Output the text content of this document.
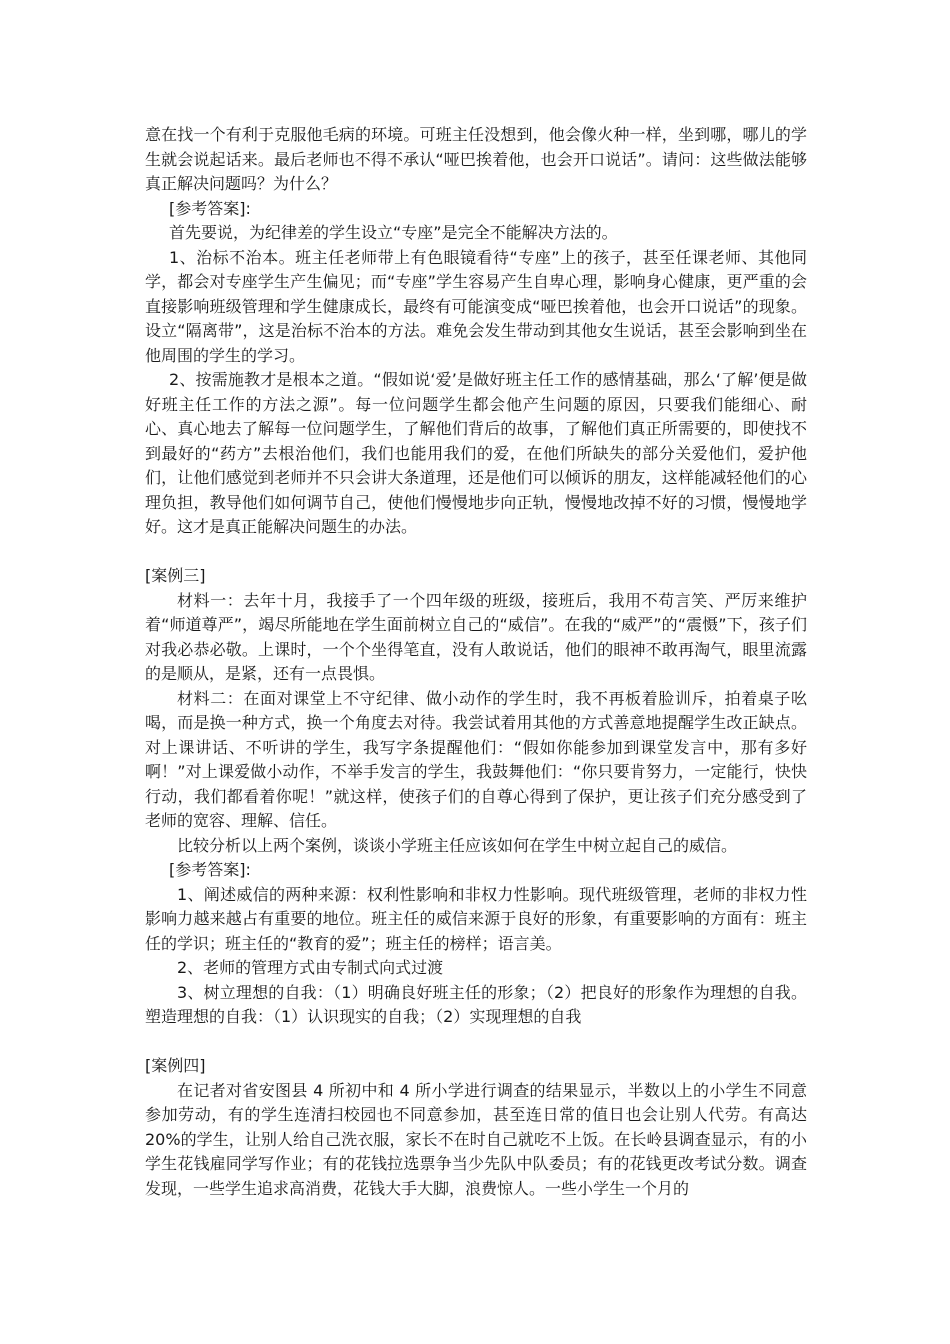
意在找一个有利于克服他毛病的环境。可班主任没想到，他会像火种一样，坐到哪，哪儿的学生就会说起话来。最后老师也不得不承认“哑巴挨着他，也会开口说话”。请问：这些做法能够真正解决问题吗？为什么？

[参考答案]:

首先要说，为纪律差的学生设立“专座”是完全不能解决方法的。

1、治标不治本。班主任老师带上有色眼镜看待“专座”上的孩子，甚至任课老师、其他同学，都会对专座学生产生偏见；而“专座”学生容易产生自卑心理，影响身心健康，更严重的会直接影响班级管理和学生健康成长，最终有可能演变成“哑巴挨着他，也会开口说话”的现象。设立“隔离带”，这是治标不治本的方法。难免会发生带动到其他女生说话，甚至会影响到坐在他周围的学生的学习。

2、按需施教才是根本之道。“假如说‘爱’是做好班主任工作的感情基础，那么‘了解’便是做好班主任工作的方法之源”。每一位问题学生都会他产生问题的原因，只要我们能细心、耐心、真心地去了解每一位问题学生，了解他们背后的故事，了解他们真正所需要的，即使找不到最好的“药方”去根治他们，我们也能用我们的爱，在他们所缺失的部分关爱他们，爱护他们，让他们感觉到老师并不只会讲大条道理，还是他们可以倾诉的朋友，这样能减轻他们的心理负担，教导他们如何调节自己，使他们慢慢地步向正轨，慢慢地改掉不好的习惯，慢慢地学好。这才是真正能解决问题生的办法。

[案例三]

材料一：去年十月，我接手了一个四年级的班级，接班后，我用不苟言笑、严厉来维护着“师道尊严”，竭尽所能地在学生面前树立自己的“威信”。在我的“威严”的“震慑”下，孩子们对我必恭必敬。上课时，一个个坐得笔直，没有人敢说话，他们的眼神不敢再淘气，眼里流露的是顺从，是紧，还有一点畏惧。

材料二：在面对课堂上不守纪律、做小动作的学生时，我不再板着脸训斥，拍着桌子吆喝，而是换一种方式，换一个角度去对待。我尝试着用其他的方式善意地提醒学生改正缺点。对上课讲话、不听讲的学生，我写字条提醒他们：“假如你能参加到课堂发言中，那有多好啊！”对上课爱做小动作，不举手发言的学生，我鼓舞他们：“你只要肯努力，一定能行，快快行动，我们都看着你呢！”就这样，使孩子们的自尊心得到了保护，更让孩子们充分感受到了老师的宽容、理解、信任。

比较分析以上两个案例，谈谈小学班主任应该如何在学生中树立起自己的威信。

[参考答案]:

1、阐述威信的两种来源：权利性影响和非权力性影响。现代班级管理，老师的非权力性影响力越来越占有重要的地位。班主任的威信来源于良好的形象，有重要影响的方面有：班主任的学识；班主任的“教育的爱”；班主任的榜样；语言美。

2、老师的管理方式由专制式向式过渡

3、树立理想的自我：（1）明确良好班主任的形象；（2）把良好的形象作为理想的自我。塑造理想的自我：（1）认识现实的自我；（2）实现理想的自我

[案例四]

在记者对省安图县 4 所初中和 4 所小学进行调查的结果显示，半数以上的小学生不同意参加劳动，有的学生连清扫校园也不同意参加，甚至连日常的值日也会让别人代劳。有高达 20%的学生，让别人给自己洗衣服，家长不在时自己就吃不上饭。在长岭县调查显示，有的小学生花钱雇同学写作业；有的花钱拉选票争当少先队中队委员；有的花钱更改考试分数。调查发现，一些学生追求高消费，花钱大手大脚，浪费惊人。一些小学生一个月的
